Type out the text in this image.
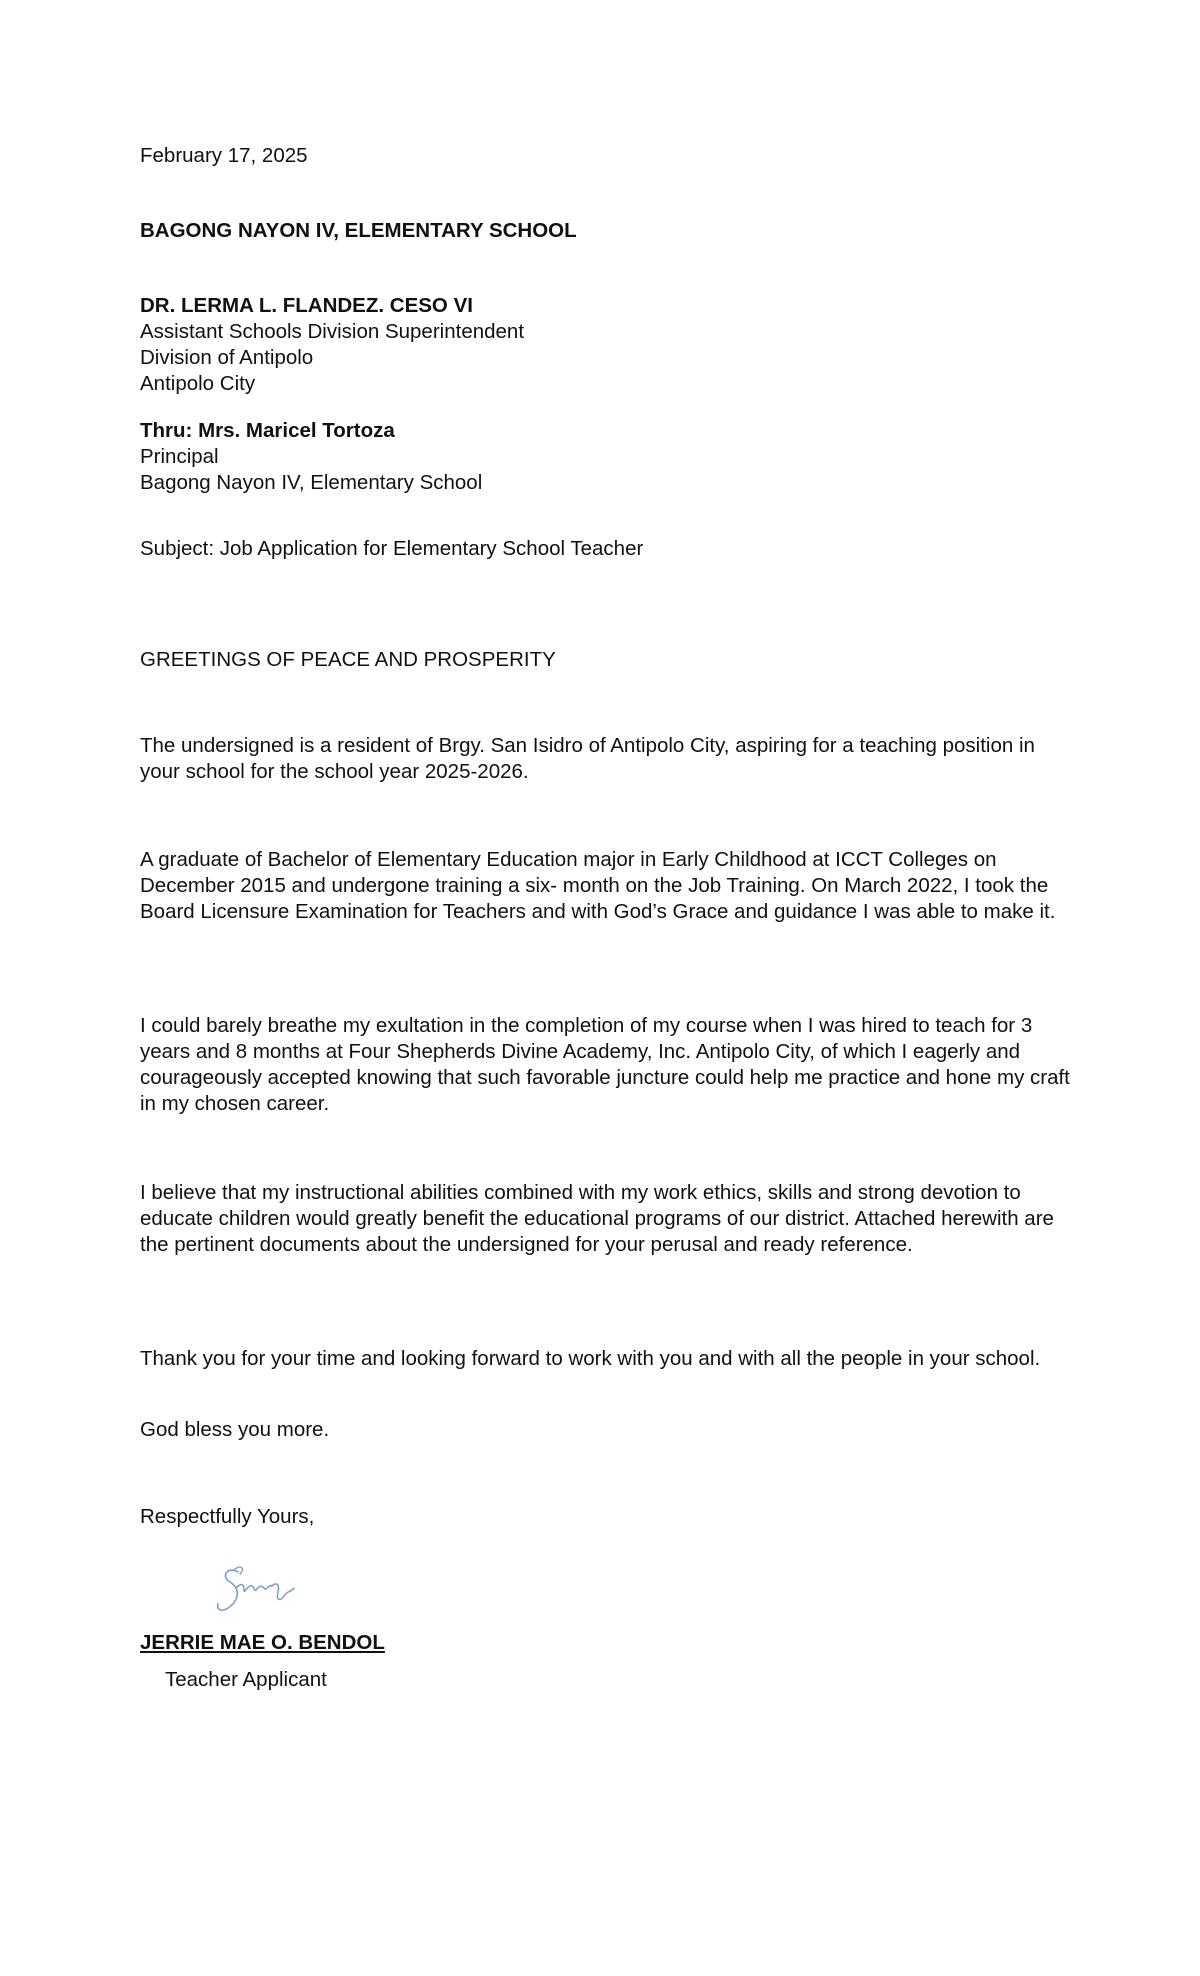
February 17, 2025

BAGONG NAYON IV, ELEMENTARY SCHOOL

DR. LERMA L. FLANDEZ. CESO VI
Assistant Schools Division Superintendent
Division of Antipolo
Antipolo City
Thru: Mrs. Maricel Tortoza
Principal
Bagong Nayon IV, Elementary School

Subject: Job Application for Elementary School Teacher

GREETINGS OF PEACE AND PROSPERITY

The undersigned is a resident of Brgy. San Isidro of Antipolo City, aspiring for a teaching position in your school for the school year 2025-2026.

A graduate of Bachelor of Elementary Education major in Early Childhood at ICCT Colleges on December 2015 and undergone training a six- month on the Job Training. On March 2022, I took the Board Licensure Examination for Teachers and with God’s Grace and guidance I was able to make it.

I could barely breathe my exultation in the completion of my course when I was hired to teach for 3 years and 8 months at Four Shepherds Divine Academy, Inc. Antipolo City, of which I eagerly and courageously accepted knowing that such favorable juncture could help me practice and hone my craft in my chosen career.

I believe that my instructional abilities combined with my work ethics, skills and strong devotion to educate children would greatly benefit the educational programs of our district. Attached herewith are the pertinent documents about the undersigned for your perusal and ready reference.

Thank you for your time and looking forward to work with you and with all the people in your school.

God bless you more.

Respectfully Yours,

JERRIE MAE O. BENDOL

Teacher Applicant
